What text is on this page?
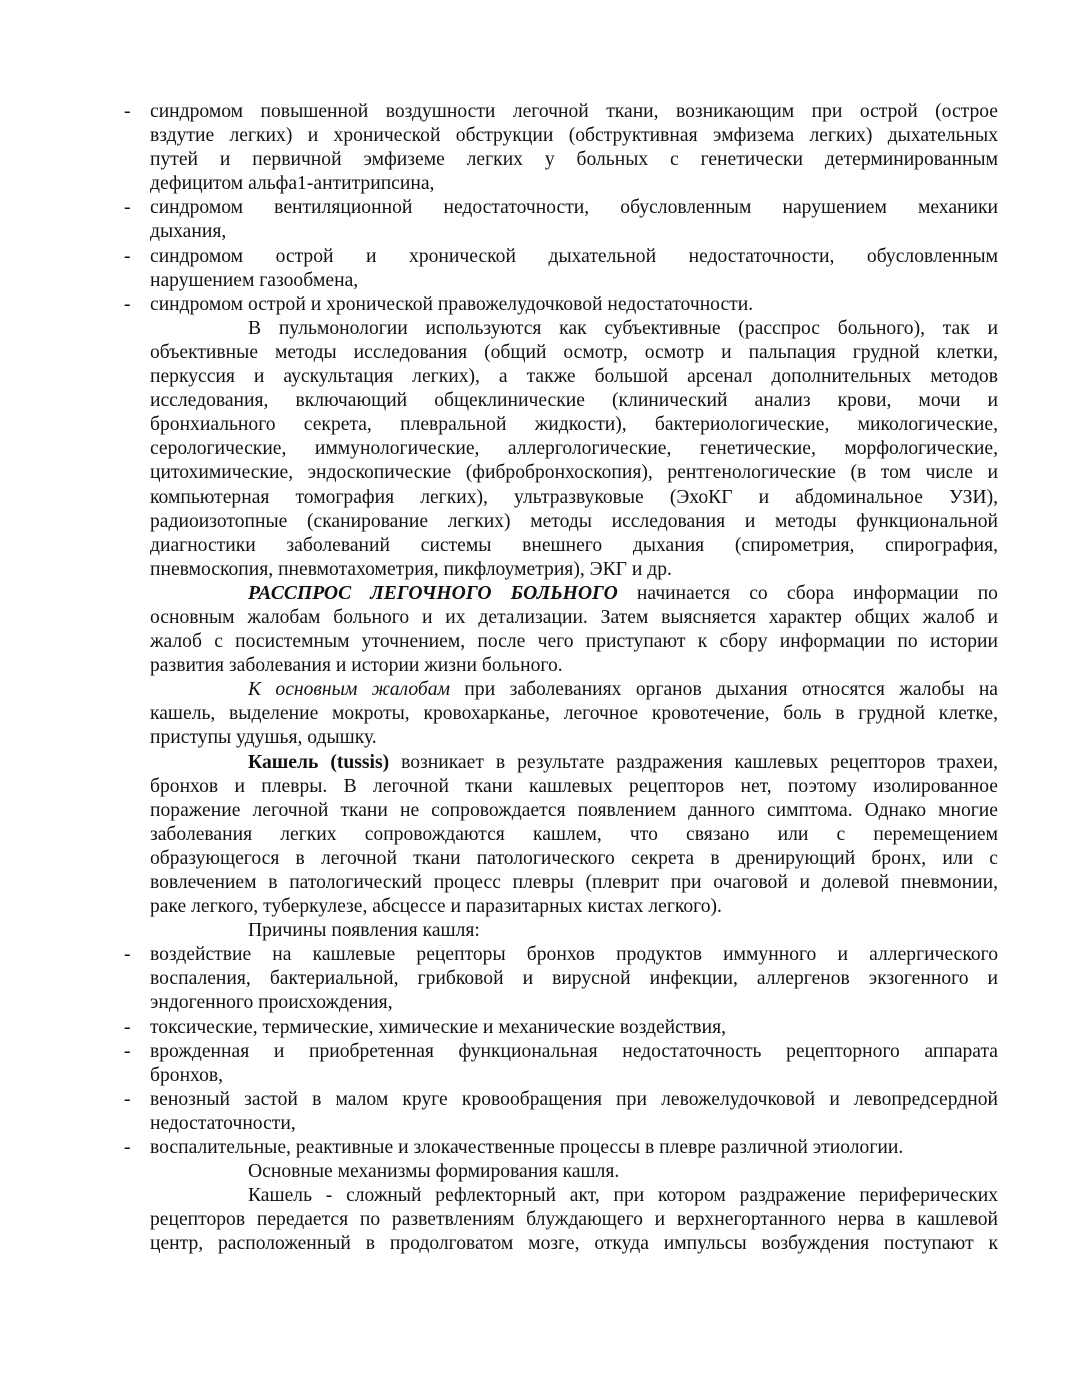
- синдромом повышенной воздушности легочной ткани, возникающим при острой (острое
вздутие легких) и хронической обструкции (обструктивная эмфизема легких) дыхательных
путей и первичной эмфиземе легких у больных с генетически детерминированным
дефицитом альфа1-антитрипсина,
- синдромом вентиляционной недостаточности, обусловленным нарушением механики
дыхания,
- синдромом острой и хронической дыхательной недостаточности, обусловленным
нарушением газообмена,
- синдромом острой и хронической правожелудочковой недостаточности.
В пульмонологии используются как субъективные (расспрос больного), так и
объективные методы исследования (общий осмотр, осмотр и пальпация грудной клетки,
перкуссия и аускультация легких), а также большой арсенал дополнительных методов
исследования, включающий общеклинические (клинический анализ крови, мочи и
бронхиального секрета, плевральной жидкости), бактериологические, микологические,
серологические, иммунологические, аллергологические, генетические, морфологические,
цитохимические, эндоскопические (фибробронхоскопия), рентгенологические (в том числе и
компьютерная томография легких), ультразвуковые (ЭхоКГ и абдоминальное УЗИ),
радиоизотопные (сканирование легких) методы исследования и методы функциональной
диагностики заболеваний системы внешнего дыхания (спирометрия, спирография,
пневмоскопия, пневмотахометрия, пикфлоуметрия), ЭКГ и др.
РАССПРОС ЛЕГОЧНОГО БОЛЬНОГО начинается со сбора информации по
основным жалобам больного и их детализации. Затем выясняется характер общих жалоб и
жалоб с посистемным уточнением, после чего приступают к сбору информации по истории
развития заболевания и истории жизни больного.
К основным жалобам при заболеваниях органов дыхания относятся жалобы на
кашель, выделение мокроты, кровохарканье, легочное кровотечение, боль в грудной клетке,
приступы удушья, одышку.
Кашель (tussis) возникает в результате раздражения кашлевых рецепторов трахеи,
бронхов и плевры. В легочной ткани кашлевых рецепторов нет, поэтому изолированное
поражение легочной ткани не сопровождается появлением данного симптома. Однако многие
заболевания легких сопровождаются кашлем, что связано или с перемещением
образующегося в легочной ткани патологического секрета в дренирующий бронх, или с
вовлечением в патологический процесс плевры (плеврит при очаговой и долевой пневмонии,
раке легкого, туберкулезе, абсцессе и паразитарных кистах легкого).
Причины появления кашля:
- воздействие на кашлевые рецепторы бронхов продуктов иммунного и аллергического
воспаления, бактериальной, грибковой и вирусной инфекции, аллергенов экзогенного и
эндогенного происхождения,
- токсические, термические, химические и механические воздействия,
- врожденная и приобретенная функциональная недостаточность рецепторного аппарата
бронхов,
- венозный застой в малом круге кровообращения при левожелудочковой и левопредсердной
недостаточности,
- воспалительные, реактивные и злокачественные процессы в плевре различной этиологии.
Основные механизмы формирования кашля.
Кашель - сложный рефлекторный акт, при котором раздражение периферических
рецепторов передается по разветвлениям блуждающего и верхнегортанного нерва в кашлевой
центр, расположенный в продолговатом мозге, откуда импульсы возбуждения поступают к
